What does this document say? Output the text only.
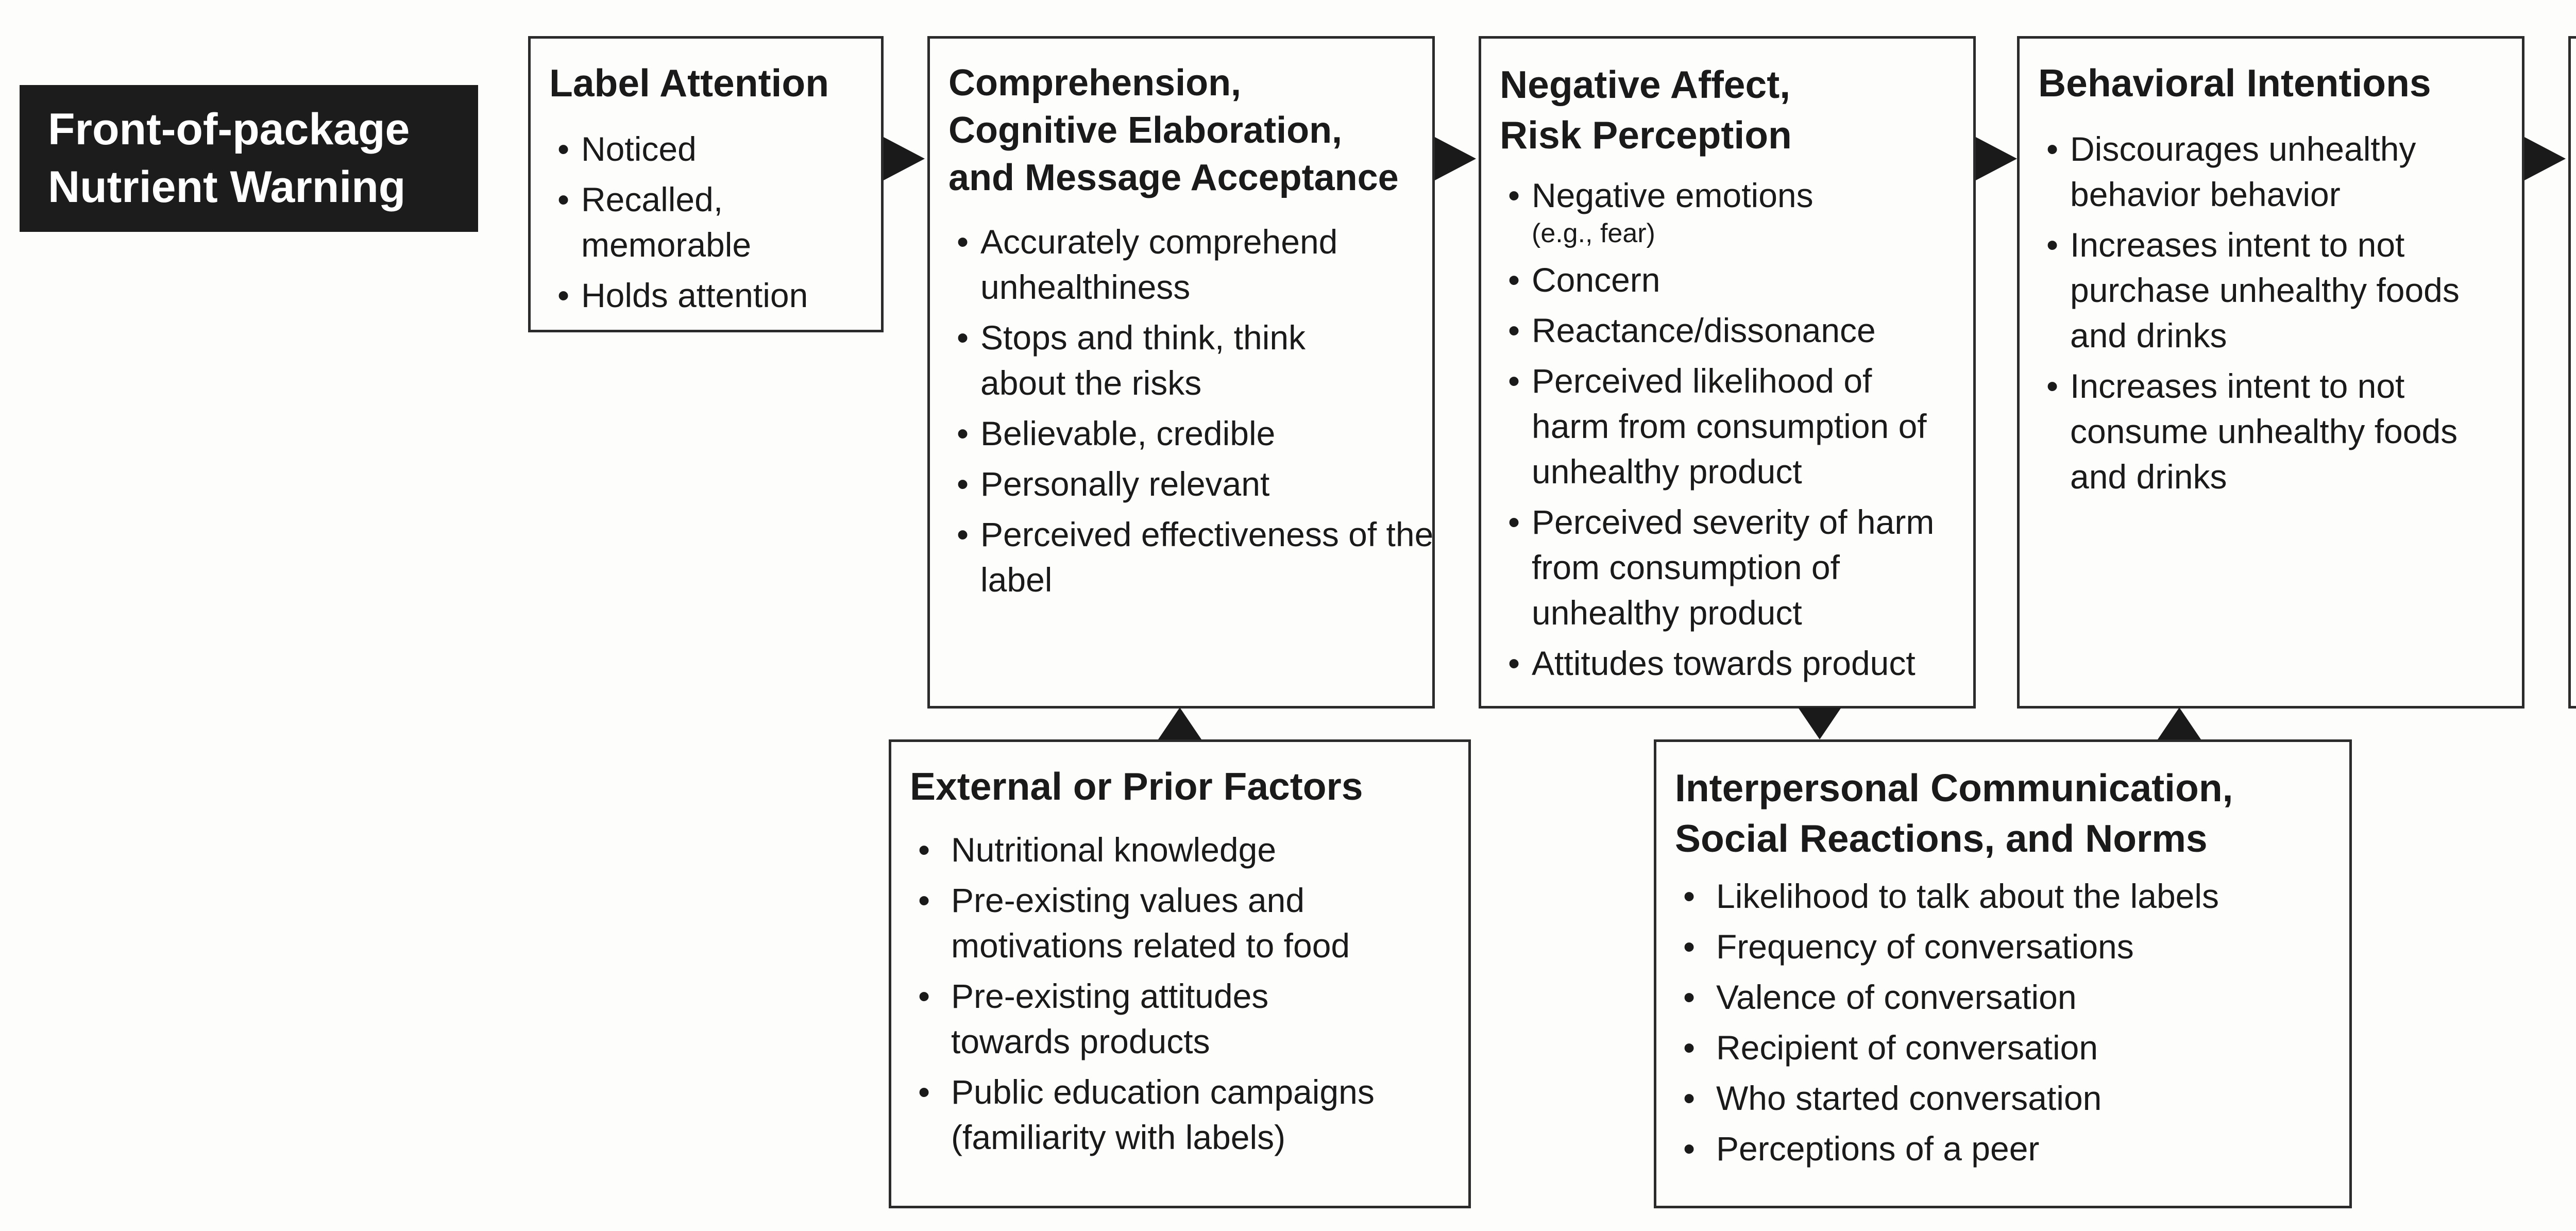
Front-of-package
Nutrient Warning
Label Attention
• Noticed
• Recalled, memorable
• Holds attention
Comprehension,
Cognitive Elaboration,
and Message Acceptance
• Accurately comprehend unhealthiness
• Stops and think, think about the risks
• Believable, credible
• Personally relevant
• Perceived effectiveness of the label
Negative Affect,
Risk Perception
• Negative emotions
(e.g., fear)
• Concern
• Reactance/dissonance
• Perceived likelihood of harm from consumption of unhealthy product
• Perceived severity of harm from consumption of unhealthy product
• Attitudes towards product
Behavioral Intentions
• Discourages unhealthy behavior behavior
• Increases intent to not purchase unhealthy foods and drinks
• Increases intent to not consume unhealthy foods and drinks

External or Prior Factors
• Nutritional knowledge
• Pre-existing values and motivations related to food
• Pre-existing attitudes towards products
• Public education campaigns (familiarity with labels)
Interpersonal Communication,
Social Reactions, and Norms
• Likelihood to talk about the labels
• Frequency of conversations
• Valence of conversation
• Recipient of conversation
• Who started conversation
• Perceptions of a peer
